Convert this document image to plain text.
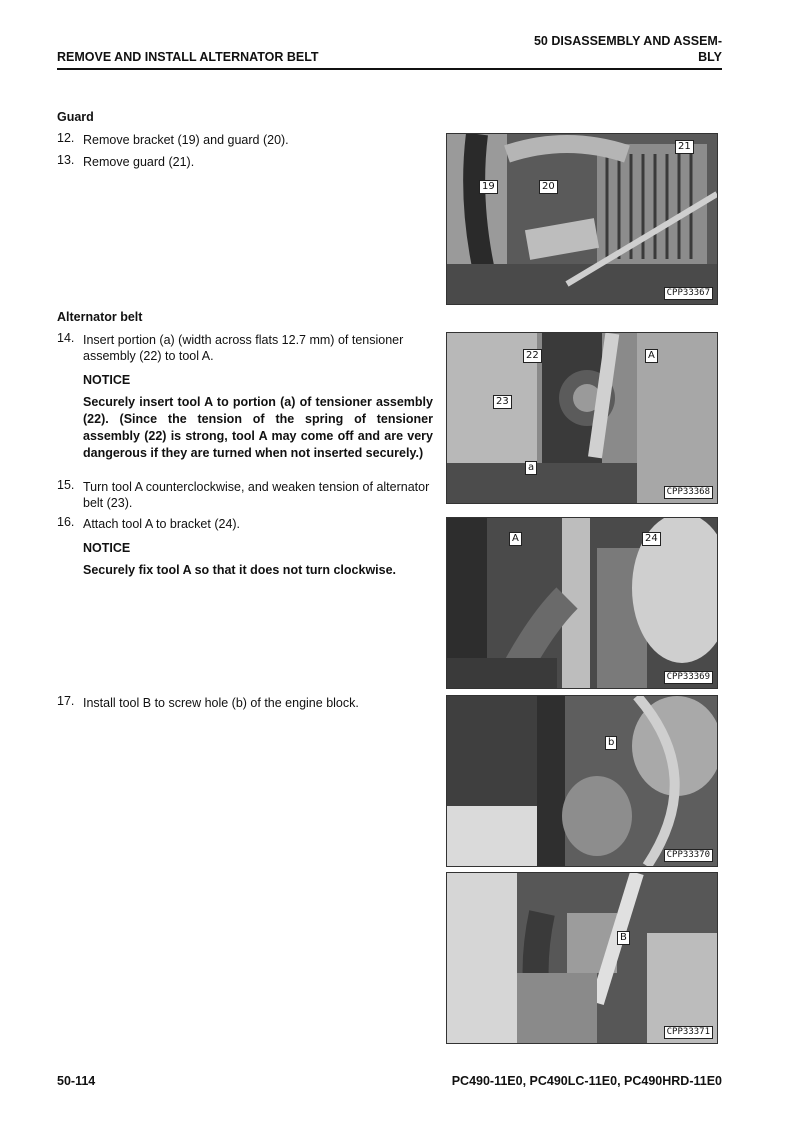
REMOVE AND INSTALL ALTERNATOR BELT
50 DISASSEMBLY AND ASSEM-
BLY
Guard
12. Remove bracket (19) and guard (20).
13. Remove guard (21).
Alternator belt
14. Insert portion (a) (width across flats 12.7 mm) of tensioner assembly (22) to tool A.
NOTICE
Securely insert tool A to portion (a) of tensioner assembly (22). (Since the tension of the spring of tensioner assembly (22) is strong, tool A may come off and are very dangerous if they are turned when not inserted securely.)
15. Turn tool A counterclockwise, and weaken tension of alternator belt (23).
16. Attach tool A to bracket (24).
NOTICE
Securely fix tool A so that it does not turn clockwise.
17. Install tool B to screw hole (b) of the engine block.
21
19	20
CPP33367
22	A
23
a
CPP33368
A	24
CPP33369
b
CPP33370
B
CPP33371
50-114	PC490-11E0, PC490LC-11E0, PC490HRD-11E0
